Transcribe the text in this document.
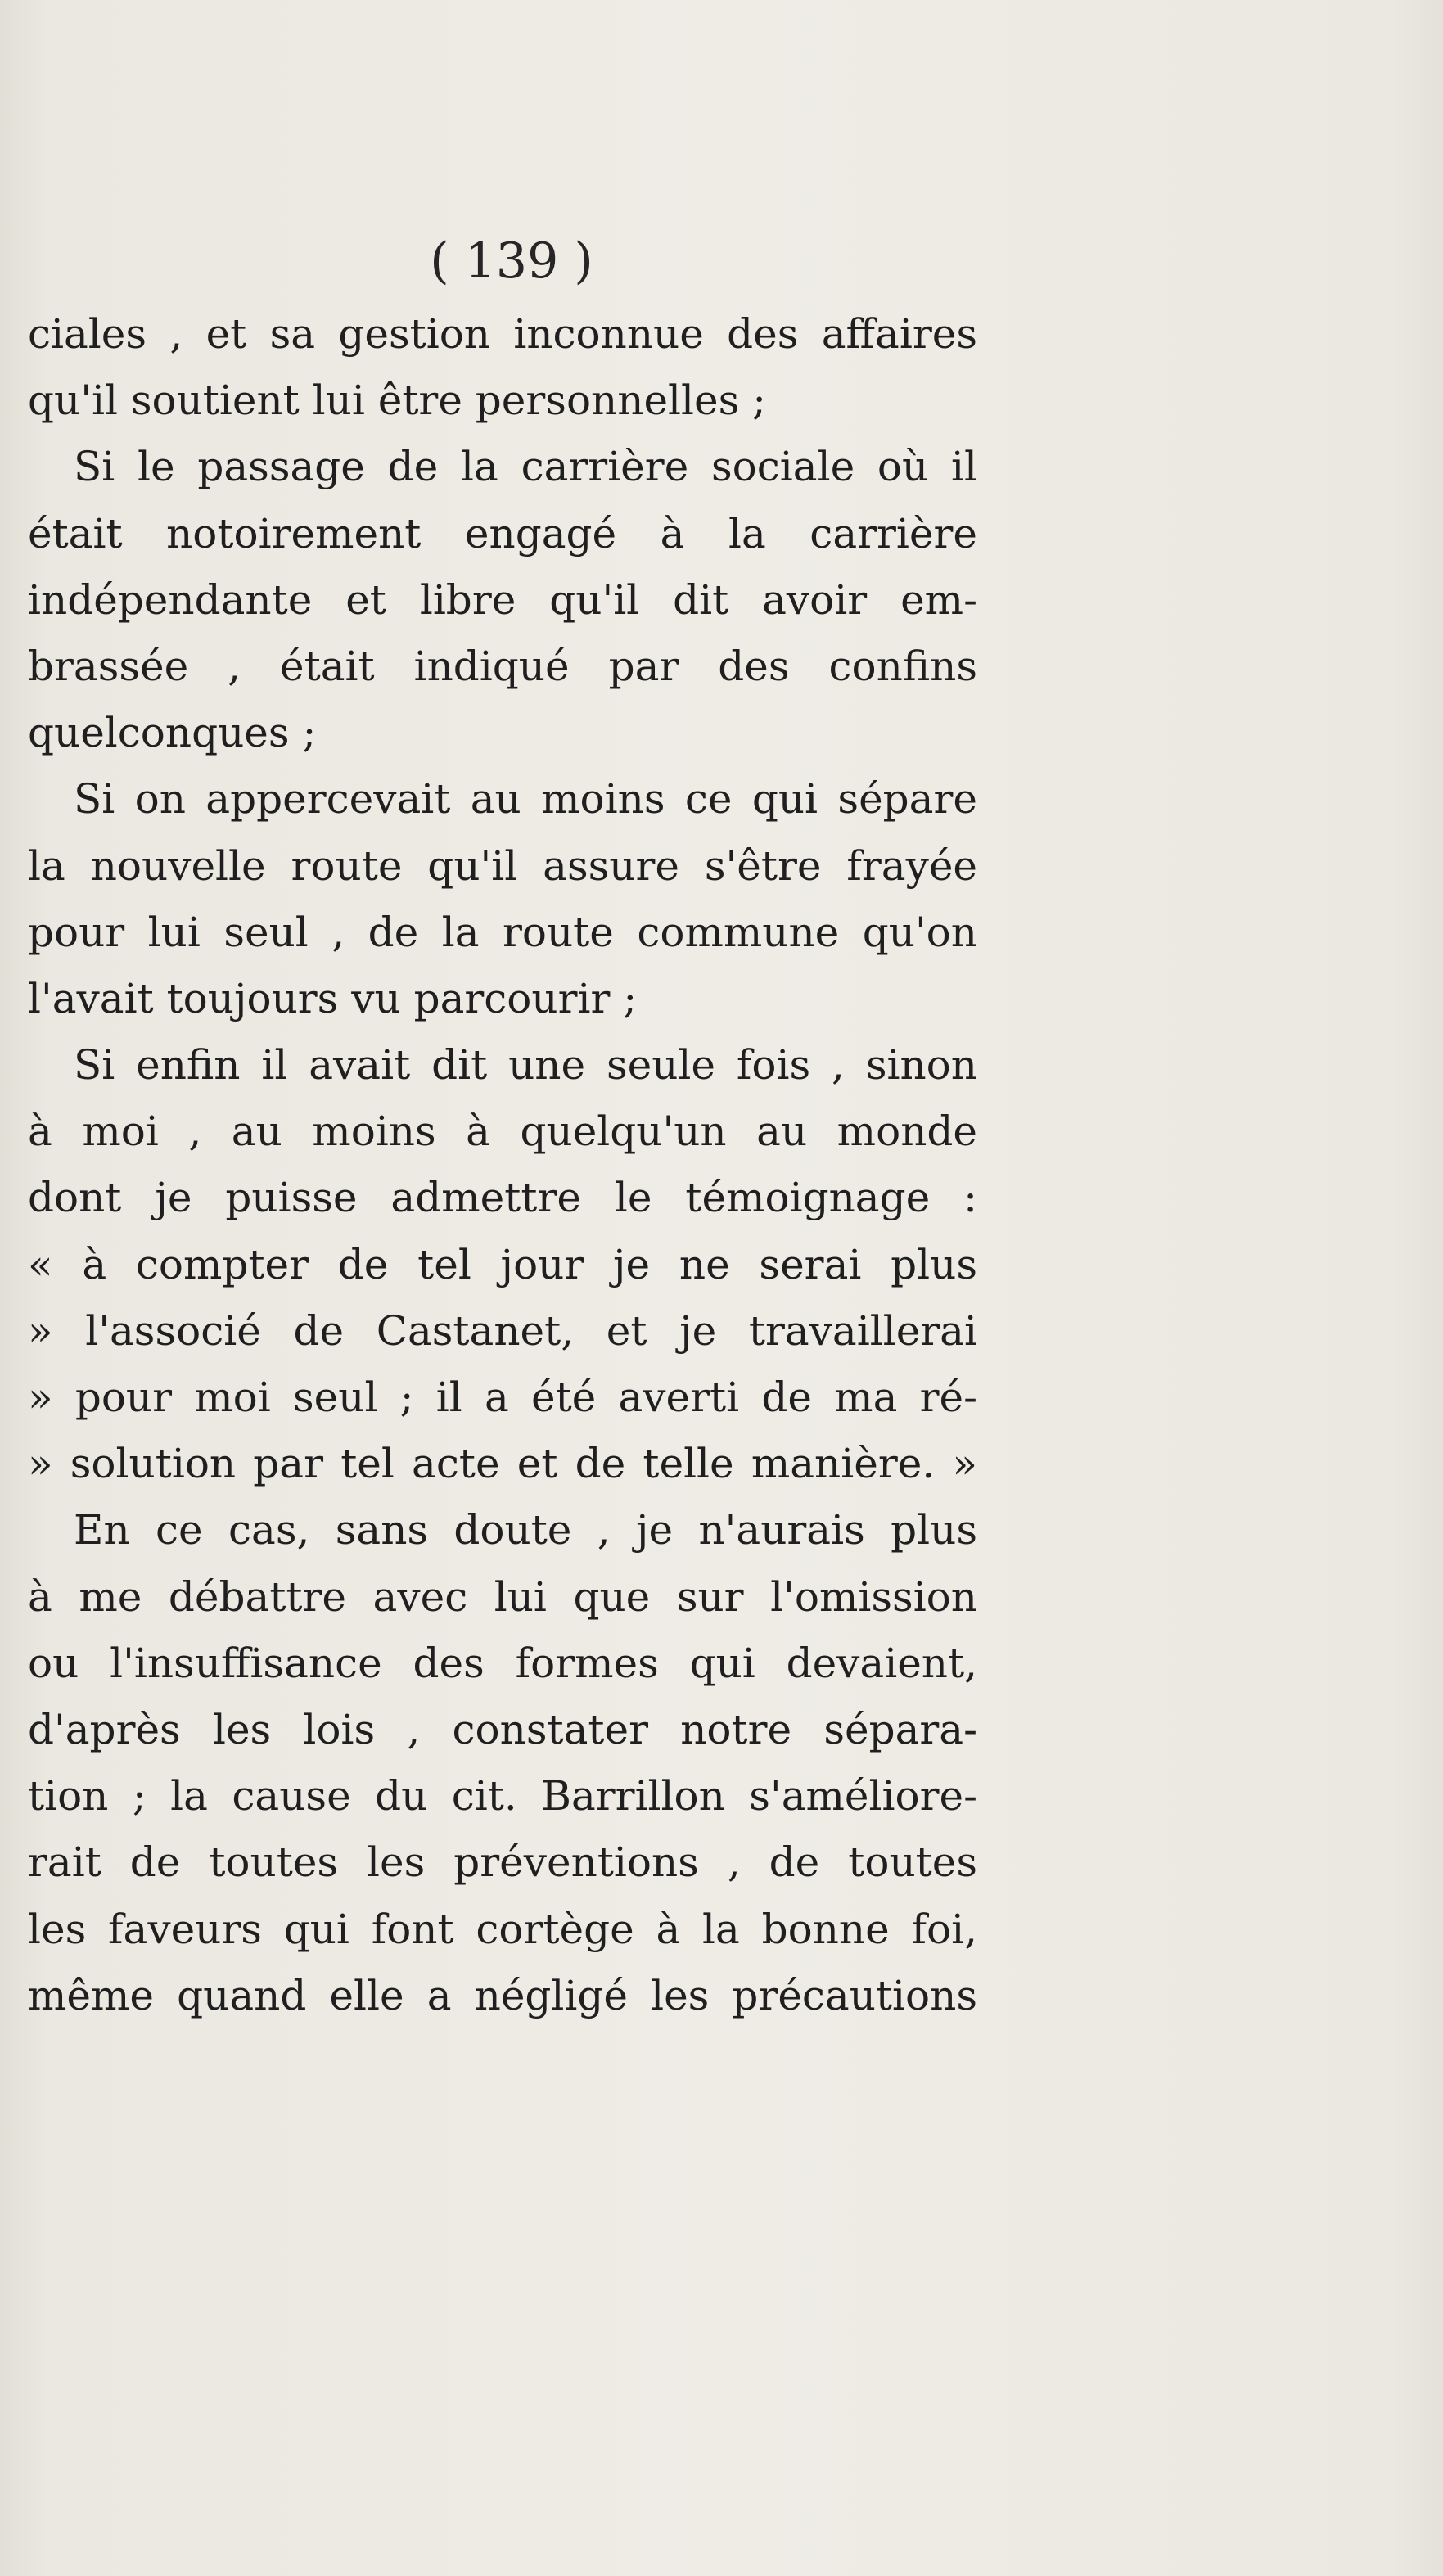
( 139 )
ciales , et sa gestion inconnue des affaires
qu'il soutient lui être personnelles ;
Si le passage de la carrière sociale où il
était notoirement engagé à la carrière
indépendante et libre qu'il dit avoir em-
brassée , était indiqué par des confins
quelconques ;
Si on appercevait au moins ce qui sépare
la nouvelle route qu'il assure s'être frayée
pour lui seul , de la route commune qu'on
l'avait toujours vu parcourir ;
Si enfin il avait dit une seule fois , sinon
à moi , au moins à quelqu'un au monde
dont je puisse admettre le témoignage :
« à compter de tel jour je ne serai plus
» l'associé de Castanet, et je travaillerai
» pour moi seul ; il a été averti de ma ré-
» solution par tel acte et de telle manière. »
En ce cas, sans doute , je n'aurais plus
à me débattre avec lui que sur l'omission
ou l'insuffisance des formes qui devaient,
d'après les lois , constater notre sépara-
tion ; la cause du cit. Barrillon s'améliore-
rait de toutes les préventions , de toutes
les faveurs qui font cortège à la bonne foi,
même quand elle a négligé les précautions
